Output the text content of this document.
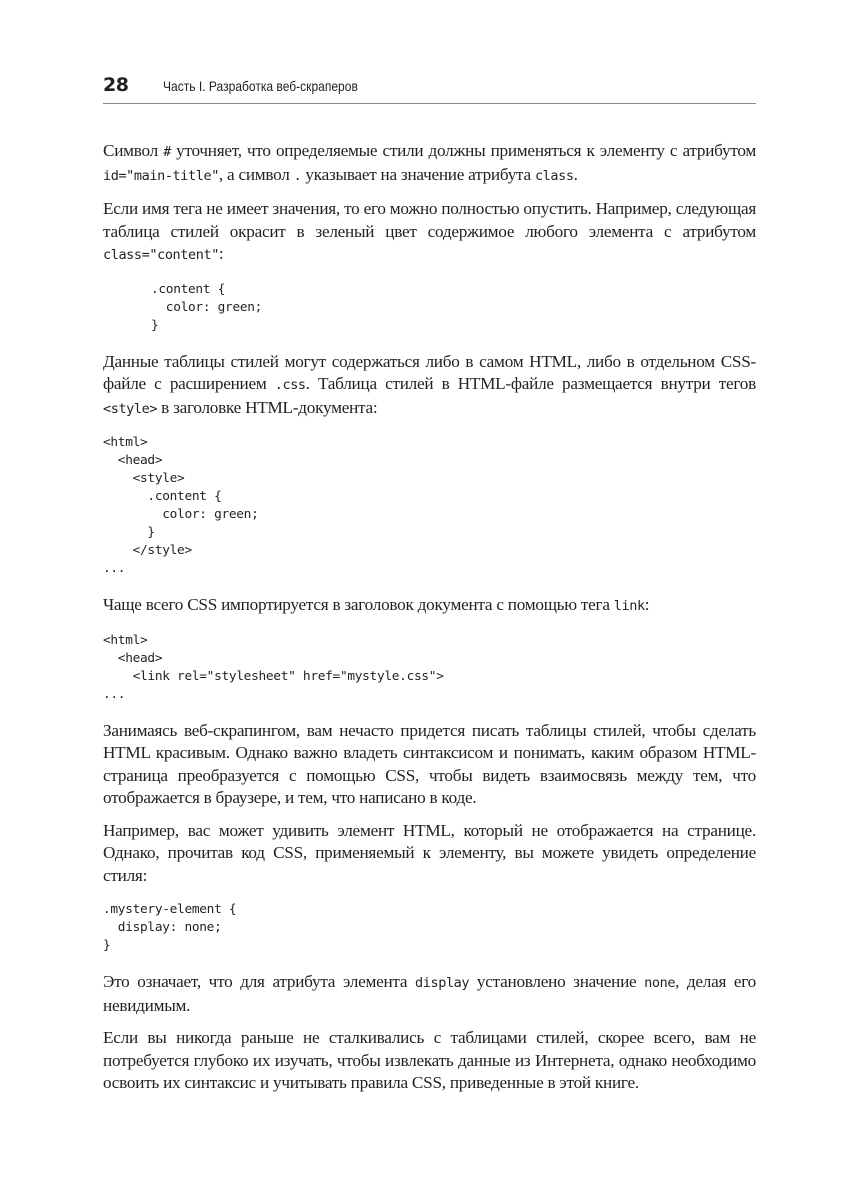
28	Часть I. Разработка веб-скраперов

Символ # уточняет, что определяемые стили должны применяться к элементу с атрибутом id="main-title", а символ . указывает на значение атрибута class.

Если имя тега не имеет значения, то его можно полностью опустить. Например, следующая таблица стилей окрасит в зеленый цвет содержимое любого элемента с атрибутом class="content":

.content {
color: green;
}

Данные таблицы стилей могут содержаться либо в самом HTML, либо в отдельном CSS-файле с расширением .css. Таблица стилей в HTML-файле размещается внутри тегов <style> в заголовке HTML-документа:

<html>
<head>
<style>
.content {
color: green;
}
</style>
...

Чаще всего CSS импортируется в заголовок документа с помощью тега link:

<html>
<head>
<link rel="stylesheet" href="mystyle.css">
...

Занимаясь веб-скрапингом, вам нечасто придется писать таблицы стилей, чтобы сделать HTML красивым. Однако важно владеть синтаксисом и понимать, каким образом HTML-страница преобразуется с помощью CSS, чтобы видеть взаимосвязь между тем, что отображается в браузере, и тем, что написано в коде.

Например, вас может удивить элемент HTML, который не отображается на странице. Однако, прочитав код CSS, применяемый к элементу, вы можете увидеть определение стиля:

.mystery-element {
display: none;
}

Это означает, что для атрибута элемента display установлено значение none, делая его невидимым.

Если вы никогда раньше не сталкивались с таблицами стилей, скорее всего, вам не потребуется глубоко их изучать, чтобы извлекать данные из Интернета, однако необходимо освоить их синтаксис и учитывать правила CSS, приведенные в этой книге.
